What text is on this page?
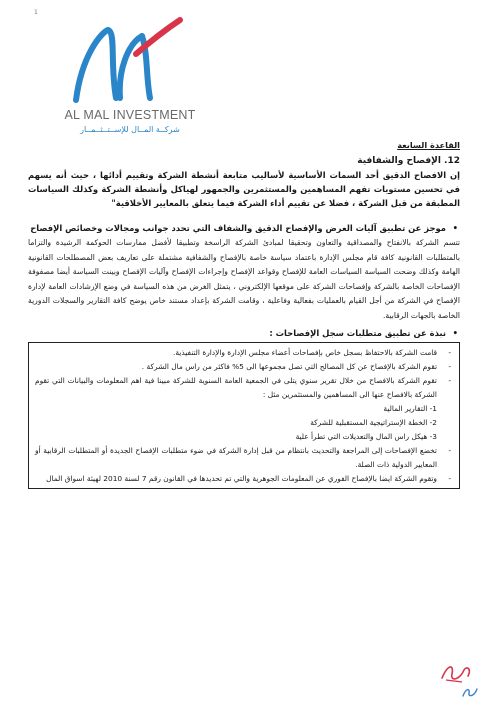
1
AL MAL INVESTMENT
شركــة المــال للإســتــثــمــار
القاعدة السابعة
12. الإفصاح والشفافية
إن الافصاح الدقيق أحد السمات الأساسية لأساليب متابعة أنشطة الشركة وتقييم أدائها ، حيث أنه يسهم في تحسين مستويات تفهم المساهمين والمستثمرين والجمهور لهياكل وأنشطة الشركة وكذلك السياسات المطبقة من قبل الشركة ، فضلا عن تقييم أداء الشركة فيما يتعلق بالمعايير الأخلاقية"
•
موجز عن تطبيق آليات العرض والإفصاح الدقيق والشفاف التي تحدد جوانب ومجالات وخصائص الإفصاح
تتسم الشركة بالانفتاح والمصداقية والتعاون وتحقيقا لمبادئ الشركة الراسخة وتطبيقا لأفضل ممارسات الحوكمة الرشيدة والتزاما بالمتطلبات القانونية كافة قام مجلس الإدارة باعتماد سياسة خاصة بالإفصاح والشفافية مشتملة على تعاريف بعض المصطلحات القانونية الهامة وكذلك وضحت السياسة السياسات العامة للإفصاح وقواعد الإفصاح وإجراءات الإفصاح وآليات الإفصاح وبينت السياسة أيضا مصفوفة الإفصاحات الخاصة بالشركة وإفصاحات الشركة على موقعها الإلكتروني ، يتمثل الغرض من هذه السياسة في وضع الإرشادات العامة لإدارة الإفصاح في الشركة من أجل القيام بالعمليات بفعالية وفاعلية ، وقامت الشركة بإعداد مستند خاص يوضح كافة التقارير والسجلات الدورية الخاصة بالجهات الرقابية.
•
نبذة عن تطبيق متطلبات سجل الإفصاحات :
-
قامت الشركة بالاحتفاظ بسجل خاص بإفصاحات أعضاء مجلس الإدارة والإدارة التنفيذية.
-
تقوم الشركة بالإفصاح عن كل المصالح التي تصل مجموعها الى 5% فاكثر من راس مال الشركة .
-
تقوم الشركة بالافصاح من خلال تقرير سنوي يتلى في الجمعية العامة السنوية للشركة مبينا فية اهم المعلومات والبيانات التي تقوم الشركة بالافصاح عنها الى المساهمين والمستثمرين مثل :
1- التقارير المالية
2- الخطة الإستراتيجية المستقبلية للشركة
3- هيكل راس المال والتعديلات التي تطرأ علية
-
تخضع الإفصاحات إلى المراجعة والتحديث بانتظام من قبل إدارة الشركة في ضوء متطلبات الإفصاح الجديدة أو المتطلبات الرقابية أو المعايير الدولية ذات الصلة.
-
وتقوم الشركة ايضا بالإفصاح الفوري عن المعلومات الجوهرية والتي تم تحديدها في القانون رقم 7 لسنة 2010 لهيئة اسواق المال
